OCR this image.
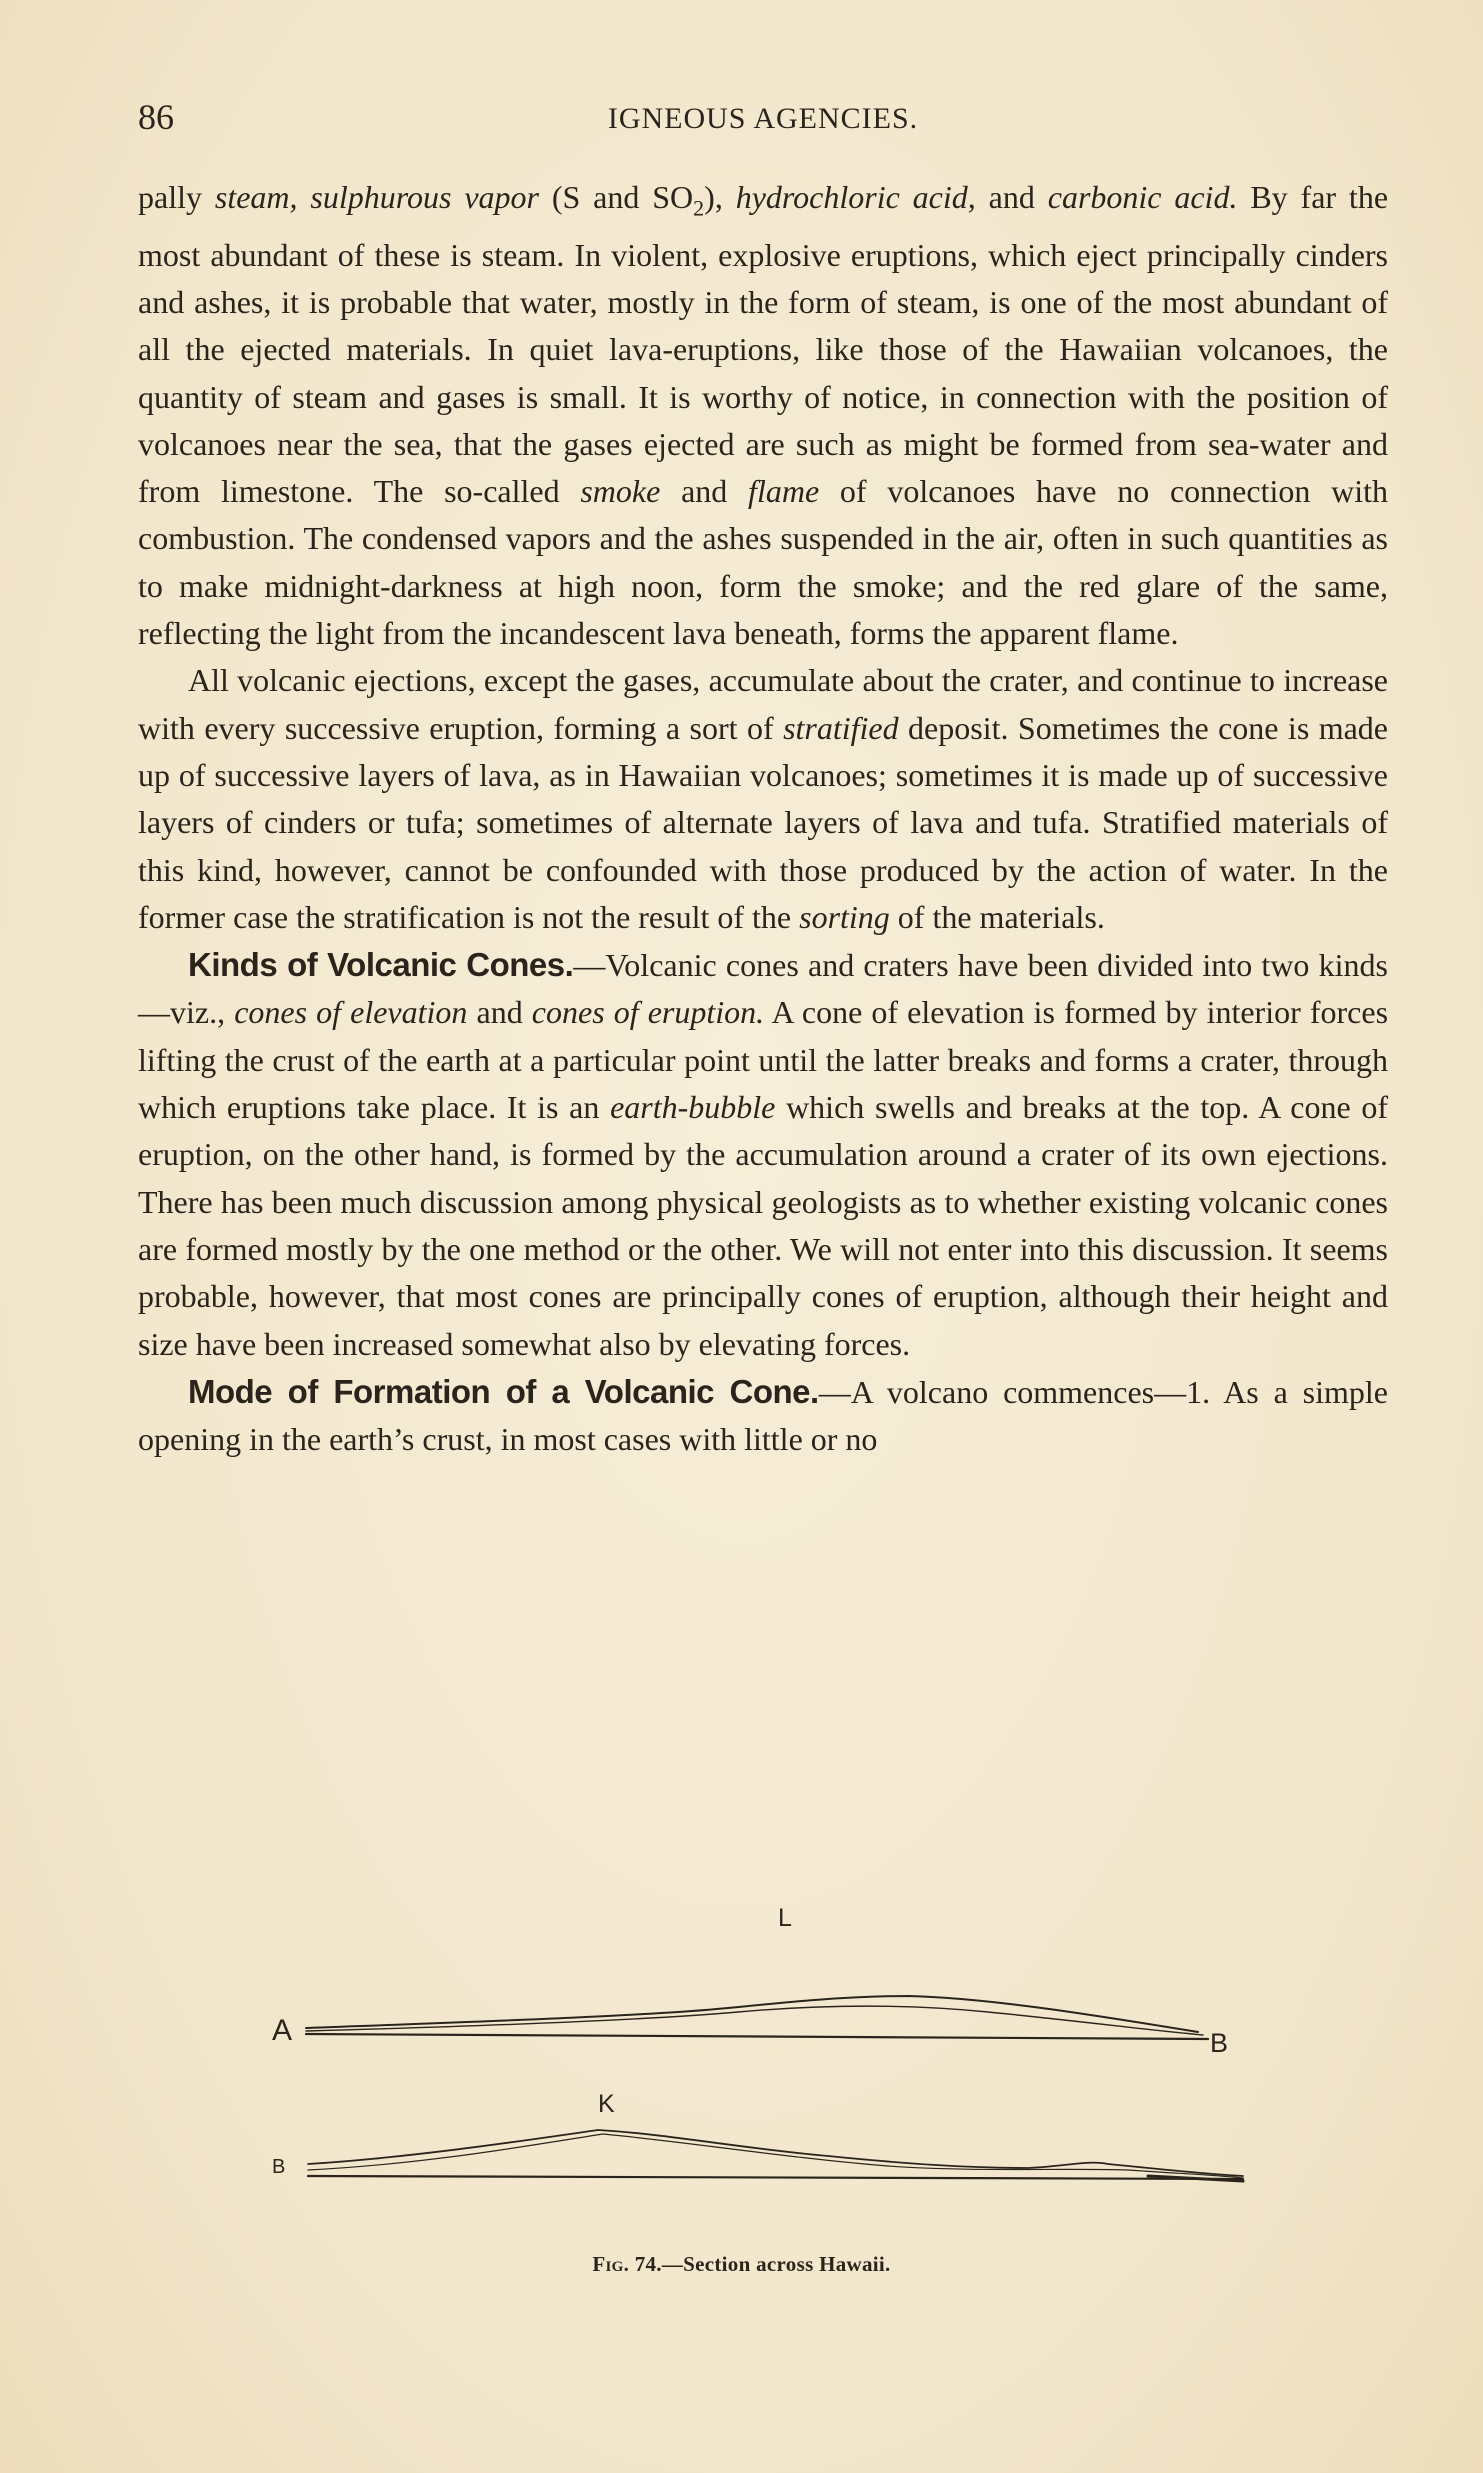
86	IGNEOUS AGENCIES.

pally steam, sulphurous vapor (S and $SO_2$), hydrochloric acid, and carbonic acid. By far the most abundant of these is steam. In violent, explosive eruptions, which eject principally cinders and ashes, it is probable that water, mostly in the form of steam, is one of the most abundant of all the ejected materials. In quiet lava-eruptions, like those of the Hawaiian volcanoes, the quantity of steam and gases is small. It is worthy of notice, in connection with the position of volcanoes near the sea, that the gases ejected are such as might be formed from sea-water and from limestone. The so-called smoke and flame of volcanoes have no connection with combustion. The condensed vapors and the ashes suspended in the air, often in such quantities as to make midnight-darkness at high noon, form the smoke; and the red glare of the same, reflecting the light from the incandescent lava beneath, forms the apparent flame.

All volcanic ejections, except the gases, accumulate about the crater, and continue to increase with every successive eruption, forming a sort of stratified deposit. Sometimes the cone is made up of successive layers of lava, as in Hawaiian volcanoes; sometimes it is made up of successive layers of cinders or tufa; sometimes of alternate layers of lava and tufa. Stratified materials of this kind, however, cannot be confounded with those produced by the action of water. In the former case the stratification is not the result of the sorting of the materials.

Kinds of Volcanic Cones.—Volcanic cones and craters have been divided into two kinds—viz., cones of elevation and cones of eruption. A cone of elevation is formed by interior forces lifting the crust of the earth at a particular point until the latter breaks and forms a crater, through which eruptions take place. It is an earth-bubble which swells and breaks at the top. A cone of eruption, on the other hand, is formed by the accumulation around a crater of its own ejections. There has been much discussion among physical geologists as to whether existing volcanic cones are formed mostly by the one method or the other. We will not enter into this discussion. It seems probable, however, that most cones are principally cones of eruption, although their height and size have been increased somewhat also by elevating forces.

Mode of Formation of a Volcanic Cone.—A volcano commences—1. As a simple opening in the earth’s crust, in most cases with little or no

L
A	B
K
B
Fig. 74.—Section across Hawaii.
